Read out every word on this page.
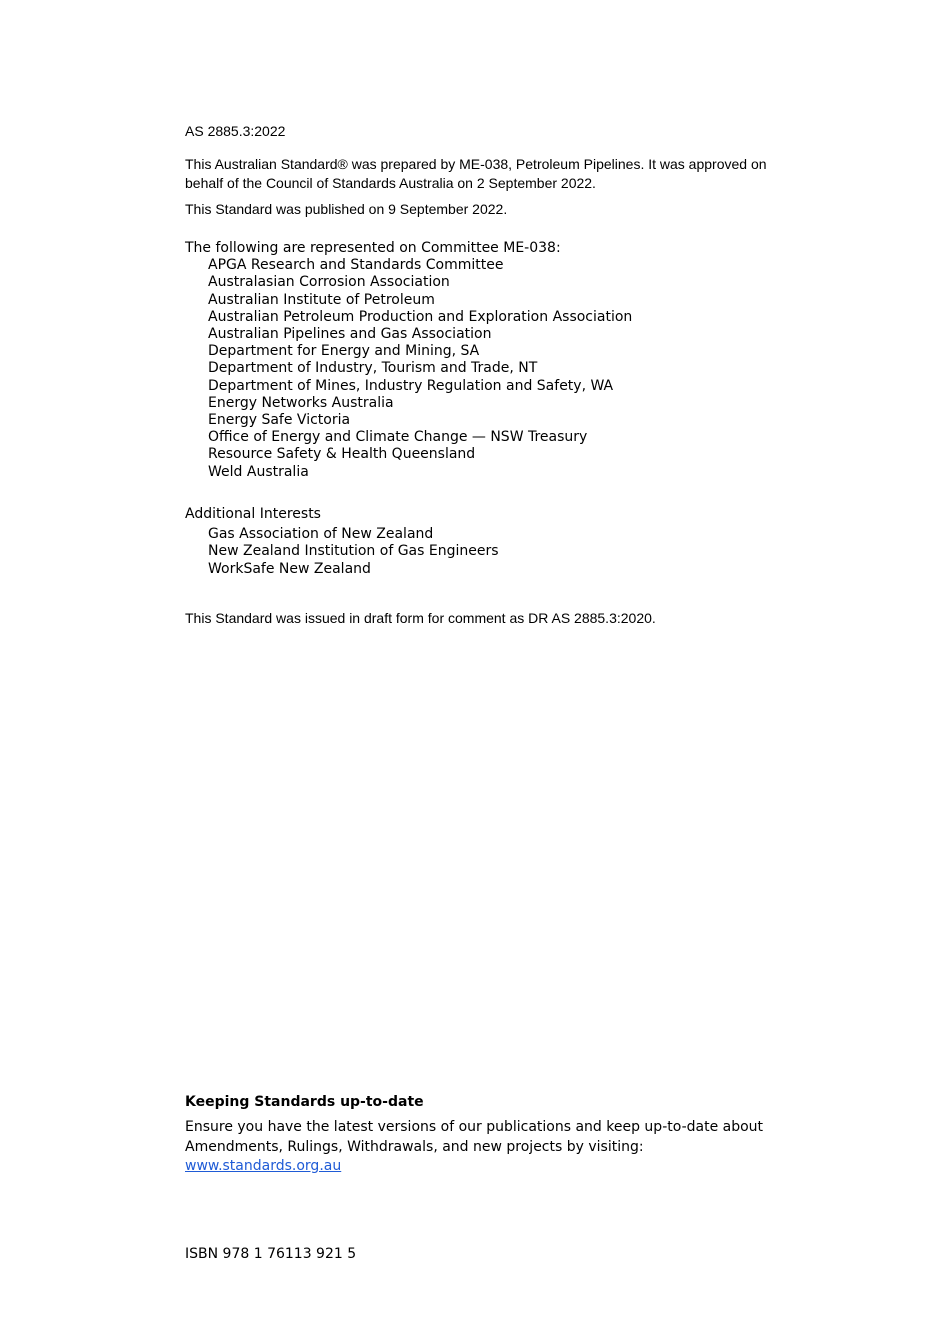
AS 2885.3:2022
This Australian Standard® was prepared by ME-038, Petroleum Pipelines. It was approved on behalf of the Council of Standards Australia on 2 September 2022.
This Standard was published on 9 September 2022.

The following are represented on Committee ME-038:

APGA Research and Standards Committee
Australasian Corrosion Association
Australian Institute of Petroleum
Australian Petroleum Production and Exploration Association
Australian Pipelines and Gas Association
Department for Energy and Mining, SA
Department of Industry, Tourism and Trade, NT
Department of Mines, Industry Regulation and Safety, WA
Energy Networks Australia
Energy Safe Victoria
Office of Energy and Climate Change — NSW Treasury
Resource Safety & Health Queensland
Weld Australia

Additional Interests

Gas Association of New Zealand
New Zealand Institution of Gas Engineers
WorkSafe New Zealand
This Standard was issued in draft form for comment as DR AS 2885.3:2020.

Keeping Standards up-to-date

Ensure you have the latest versions of our publications and keep up-to-date about Amendments, Rulings, Withdrawals, and new projects by visiting:
www.standards.org.au

ISBN 978 1 76113 921 5
